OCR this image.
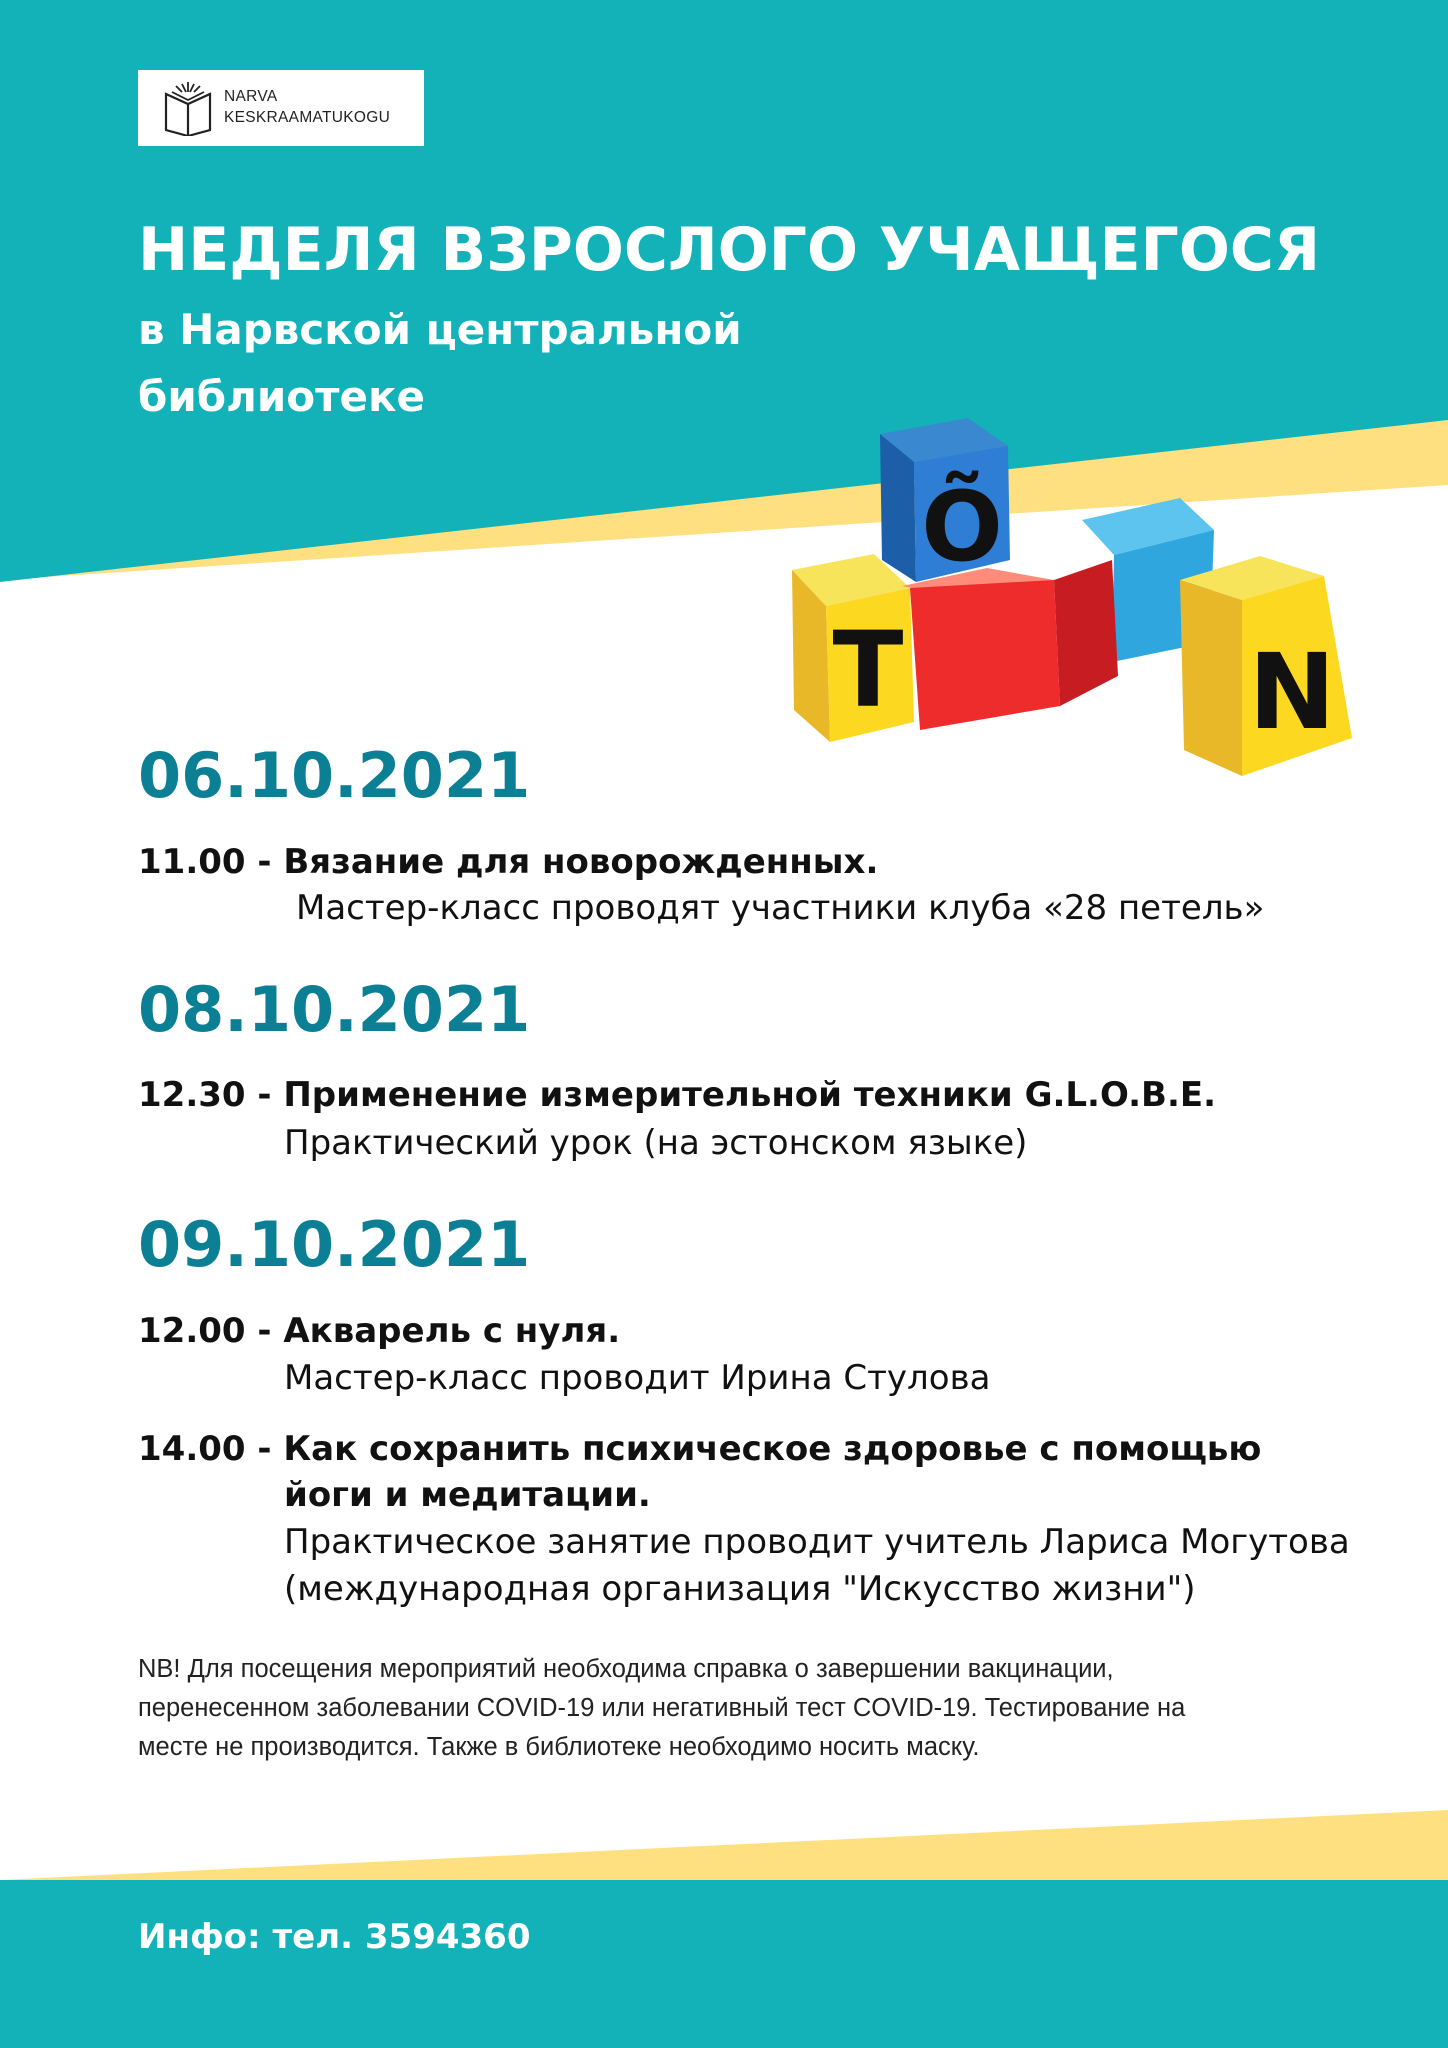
NARVA
KESKRAAMATUKOGU
НЕДЕЛЯ ВЗРОСЛОГО УЧАЩЕГОСЯ
в Нарвской центральной
библиотеке
T
Õ
N
06.10.2021
11.00 - Вязание для новорожденных.
Мастер-класс проводят участники клуба «28 петель»
08.10.2021
12.30 - Применение измерительной техники G.L.O.B.E.
Практический урок (на эстонском языке)
09.10.2021
12.00 - Акварель с нуля.
Мастер-класс проводит Ирина Стулова
14.00 - Как сохранить психическое здоровье с помощью
йоги и медитации.
Практическое занятие проводит учитель Лариса Могутова
(международная организация "Искусство жизни")
NB! Для посещения мероприятий необходима справка о завершении вакцинации,
перенесенном заболевании COVID-19 или негативный тест COVID-19. Тестирование на
месте не производится. Также в библиотеке необходимо носить маску.
Инфо: тел. 3594360
